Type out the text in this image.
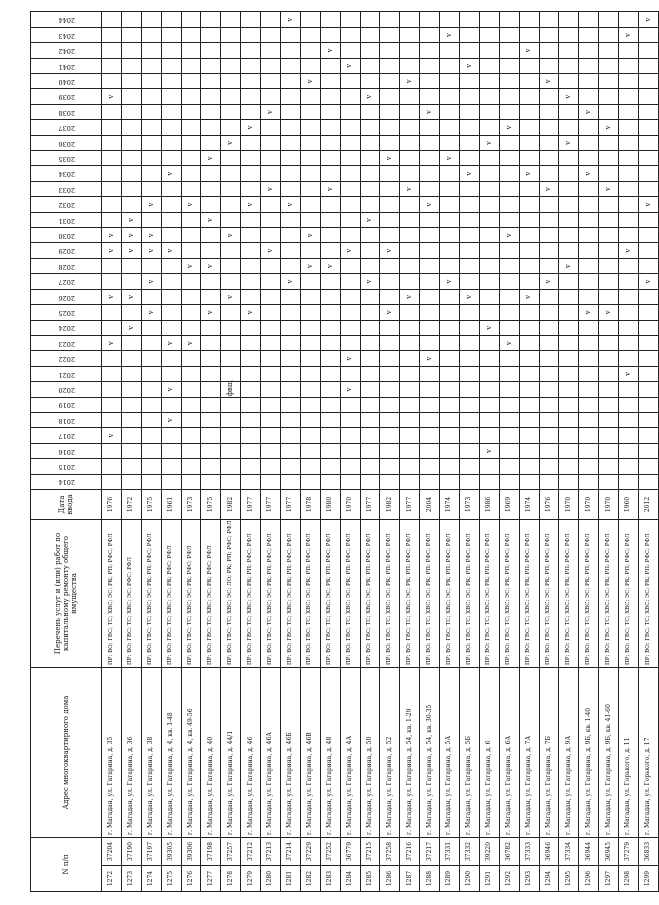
N п/п		Адрес многоквартирного дома	Перечень услуг и (или) работ по капитальному ремонту общего имущества	Дата ввода	2014	2015	2016	2017	2018	2019	2020	2021	2022	2023	2024	2025	2026	2027	2028	2029	2030	2031	2032	2033	2034	2035	2036	2037	2038	2039	2040	2041	2042	2043	2044
1272	37204	г. Магадан, ул. Гагарина, д. 35	ПР; ВО; ГВС; ТС; ХВС; ЭС; РК; РП; РФС; РФЛ	1976				v						v			v			v	v									v					
1273	37190	г. Магадан, ул. Гагарина, д. 36	ПР; ВО; ГВС; ТС; ХВС; ЭС; РФС; РФЛ	1972											v		v			v	v	v													
1274	37197	г. Магадан, ул. Гагарина, д. 38	ПР; ВО; ГВС; ТС; ХВС; ЭС; РК; РП; РФС; РФЛ	1975												v		v		v	v		v												
1275	39305	г. Магадан, ул. Гагарина, д. 4, кв. 1-48	ПР; ВО; ГВС; ТС; ХВС; ЭС; РК; РФС; РФЛ	1961					v		v			v						v					v										
1276	39306	г. Магадан, ул. Гагарина, д. 4, кв. 49-56	ПР; ВО; ГВС; ТС; ХВС; ЭС; РК; РФС; РФЛ	1973										v					v				v												
1277	37198	г. Магадан, ул. Гагарина, д. 40	ПР; ВО; ГВС; ТС; ХВС; ЭС; РК; РФС; РФЛ	1975												v			v			v				v									
1278	37257	г. Магадан, ул. Гагарина, д. 44/1	ПР; ВО; ГВС; ТС; ХВС; ЭС; ЛО; РК; РП; РФС; РФЛ	1982							фвщ						v				v						v								
1279	37212	г. Магадан, ул. Гагарина, д. 46	ПР; ВО; ГВС; ТС; ХВС; ЭС; РК; РП; РФС; РФЛ	1977												v							v					v							
1280	37213	г. Магадан, ул. Гагарина, д. 46А	ПР; ВО; ГВС; ТС; ХВС; ЭС; РК; РП; РФС; РФЛ	1977																v				v					v						
1281	37214	г. Магадан, ул. Гагарина, д. 46Б	ПР; ВО; ГВС; ТС; ХВС; ЭС; РК; РП; РФС; РФЛ	1977														v					v												v
1282	37229	г. Магадан, ул. Гагарина, д. 46В	ПР; ВО; ГВС; ТС; ХВС; ЭС; РК; РП; РФС; РФЛ	1978															v		v										v				
1283	37252	г. Магадан, ул. Гагарина, д. 48	ПР; ВО; ГВС; ТС; ХВС; ЭС; РК; РП; РФС; РФЛ	1980															v					v									v		
1284	36779	г. Магадан, ул. Гагарина, д. 4А	ПР; ВО; ГВС; ТС; ХВС; ЭС; РК; РП; РФС; РФЛ	1970							v		v							v												v			
1285	37215	г. Магадан, ул. Гагарина, д. 50	ПР; ВО; ГВС; ТС; ХВС; ЭС; РК; РП; РФС; РФЛ	1977														v				v								v					
1286	37258	г. Магадан, ул. Гагарина, д. 52	ПР; ВО; ГВС; ТС; ХВС; ЭС; РК; РП; РФС; РФЛ	1982												v				v						v									
1287	37216	г. Магадан, ул. Гагарина, д. 54, кв. 1-29	ПР; ВО; ГВС; ТС; ХВС; ЭС; РК; РП; РФС; РФЛ	1977													v							v							v				
1288	37217	г. Магадан, ул. Гагарина, д. 54, кв. 30-35	ПР; ВО; ГВС; ТС; ХВС; ЭС; РК; РП; РФС; РФЛ	2004									v										v						v						
1289	37331	г. Магадан, ул. Гагарина, д. 5А	ПР; ВО; ГВС; ТС; ХВС; ЭС; РК; РП; РФС; РФЛ	1974														v								v								v	
1290	37332	г. Магадан, ул. Гагарина, д. 5Б	ПР; ВО; ГВС; ТС; ХВС; ЭС; РК; РП; РФС; РФЛ	1973													v								v							v			
1291	39220	г. Магадан, ул. Гагарина, д. 6	ПР; ВО; ГВС; ТС; ХВС; ЭС; РК; РП; РФС; РФЛ	1986			v								v												v								
1292	36782	г. Магадан, ул. Гагарина, д. 6А	ПР; ВО; ГВС; ТС; ХВС; ЭС; РК; РП; РФС; РФЛ	1969										v							v							v							
1293	37333	г. Магадан, ул. Гагарина, д. 7А	ПР; ВО; ГВС; ТС; ХВС; ЭС; РК; РП; РФС; РФЛ	1974													v								v								v		
1294	36946	г. Магадан, ул. Гагарина, д. 7Б	ПР; ВО; ГВС; ТС; ХВС; ЭС; РК; РП; РФС; РФЛ	1976														v						v							v				
1295	37334	г. Магадан, ул. Гагарина, д. 9А	ПР; ВО; ГВС; ТС; ХВС; ЭС; РК; РП; РФС; РФЛ	1970															v								v			v					
1296	36944	г. Магадан, ул. Гагарина, д. 9Б, кв. 1-40	ПР; ВО; ГВС; ТС; ХВС; ЭС; РК; РП; РФС; РФЛ	1970												v									v				v						
1297	36945	г. Магадан, ул. Гагарина, д. 9Б, кв. 41-60	ПР; ВО; ГВС; ТС; ХВС; ЭС; РК; РП; РФС; РФЛ	1970												v								v				v							
1298	37279	г. Магадан, ул. Горького, д. 11	ПР; ВО; ГВС; ТС; ХВС; ЭС; РК; РП; РФС; РФЛ	1960								v								v														v	
1299	36833	г. Магадан, ул. Горького, д. 17	ПР; ВО; ГВС; ТС; ХВС; ЭС; РК; РП; РФС; РФЛ	2012														v					v												v
